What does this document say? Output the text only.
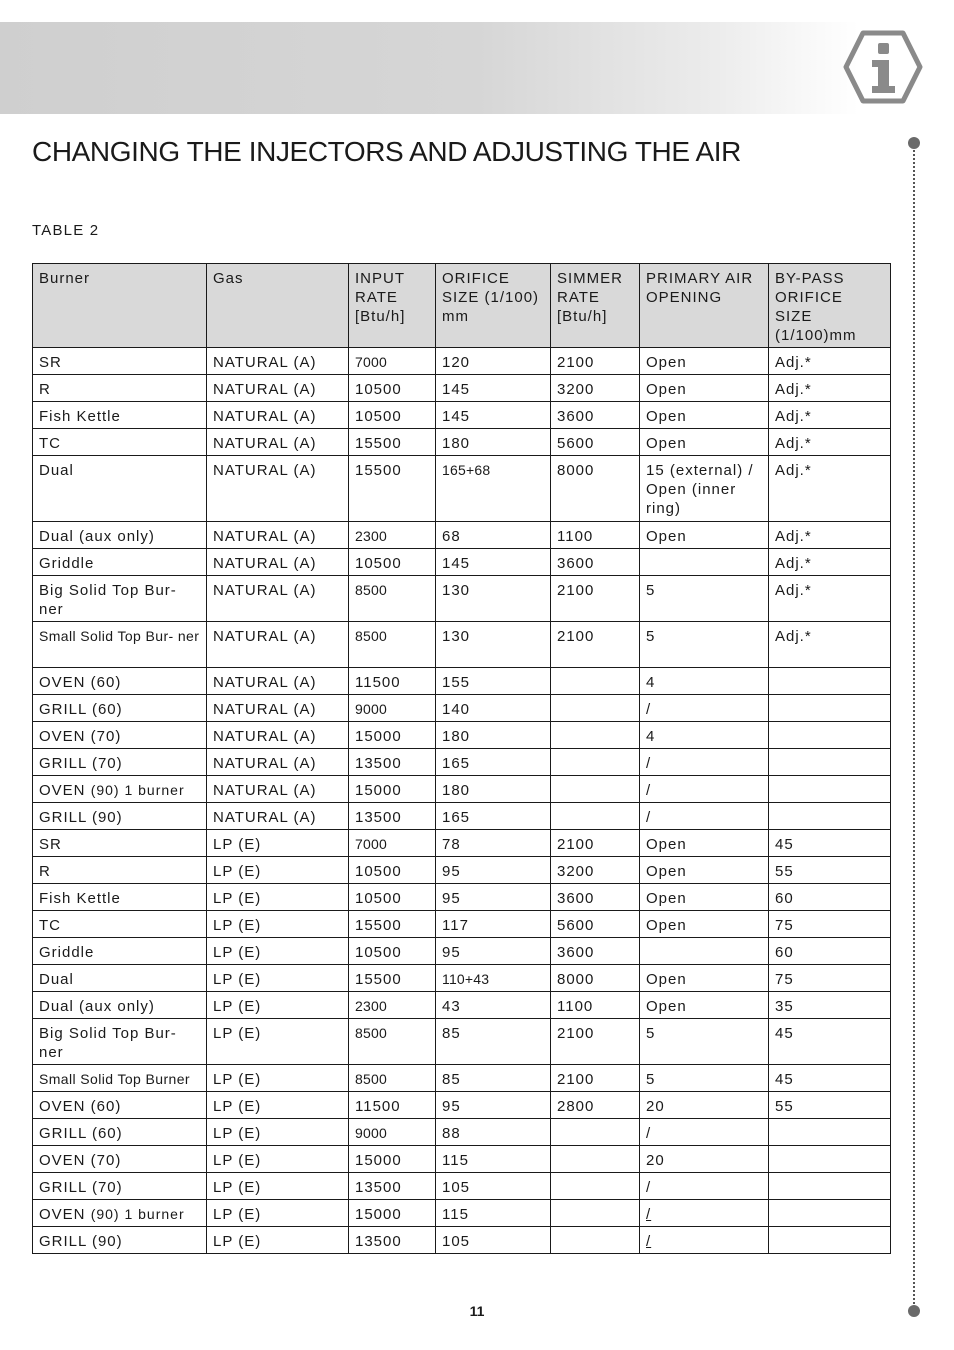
CHANGING THE INJECTORS AND ADJUSTING THE AIR
TABLE 2
Burner	Gas	INPUT RATE [Btu/h]	ORIFICE SIZE (1/100) mm	SIMMER RATE [Btu/h]	PRIMARY AIR OPENING	BY-PASS ORIFICE SIZE (1/100)mm
SR	NATURAL (A)	7000	120	2100	Open	Adj.*
R	NATURAL (A)	10500	145	3200	Open	Adj.*
Fish Kettle	NATURAL (A)	10500	145	3600	Open	Adj.*
TC	NATURAL (A)	15500	180	5600	Open	Adj.*
Dual	NATURAL (A)	15500	165+68	8000	15 (external) / Open (inner ring)	Adj.*
Dual (aux only)	NATURAL (A)	2300	68	1100	Open	Adj.*
Griddle	NATURAL (A)	10500	145	3600		Adj.*
Big Solid Top Bur- ner	NATURAL (A)	8500	130	2100	5	Adj.*
Small Solid Top Bur- ner	NATURAL (A)	8500	130	2100	5	Adj.*
OVEN (60)	NATURAL (A)	11500	155		4	
GRILL (60)	NATURAL (A)	9000	140		/	
OVEN (70)	NATURAL (A)	15000	180		4	
GRILL (70)	NATURAL (A)	13500	165		/	
OVEN (90) 1 burner	NATURAL (A)	15000	180		/	
GRILL (90)	NATURAL (A)	13500	165		/	
SR	LP (E)	7000	78	2100	Open	45
R	LP (E)	10500	95	3200	Open	55
Fish Kettle	LP (E)	10500	95	3600	Open	60
TC	LP (E)	15500	117	5600	Open	75
Griddle	LP (E)	10500	95	3600		60
Dual	LP (E)	15500	110+43	8000	Open	75
Dual (aux only)	LP (E)	2300	43	1100	Open	35
Big Solid Top Bur- ner	LP (E)	8500	85	2100	5	45
Small Solid Top Burner	LP (E)	8500	85	2100	5	45
OVEN (60)	LP (E)	11500	95	2800	20	55
GRILL (60)	LP (E)	9000	88		/	
OVEN (70)	LP (E)	15000	115		20	
GRILL (70)	LP (E)	13500	105		/	
OVEN (90) 1 burner	LP (E)	15000	115		/	
GRILL (90)	LP (E)	13500	105		/	
11
